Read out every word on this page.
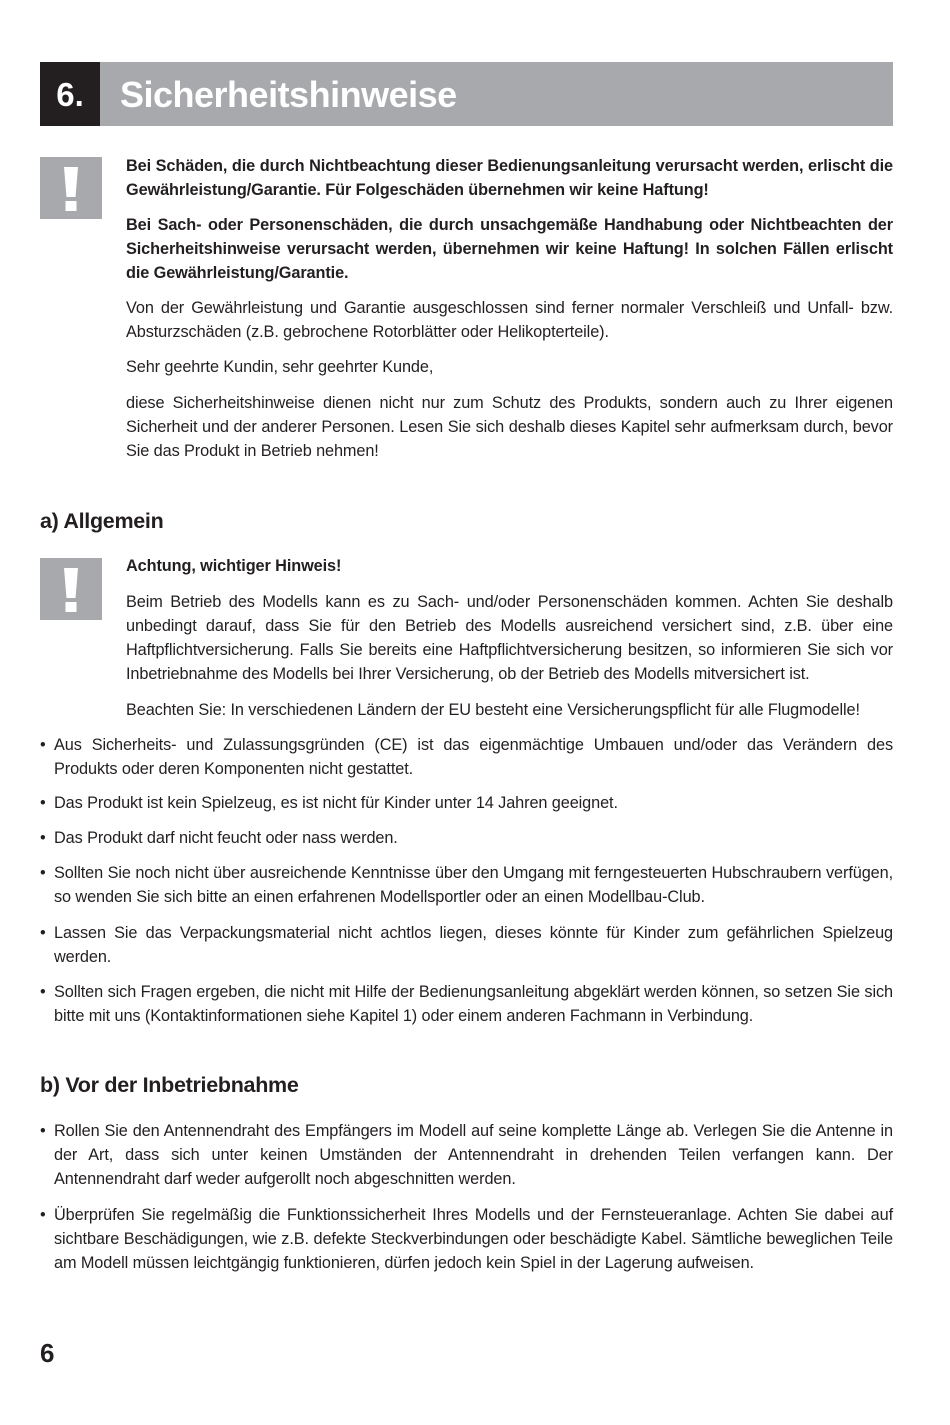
6.	Sicherheitshinweise

Bei Schäden, die durch Nichtbeachtung dieser Bedienungsanleitung verursacht werden, erlischt die Gewährleistung/Garantie. Für Folgeschäden übernehmen wir keine Haftung!

Bei Sach- oder Personenschäden, die durch unsachgemäße Handhabung oder Nichtbeachten der Sicherheitshinweise verursacht werden, übernehmen wir keine Haftung! In solchen Fällen erlischt die Gewährleistung/Garantie.

Von der Gewährleistung und Garantie ausgeschlossen sind ferner normaler Verschleiß und Unfall- bzw. Absturzschäden (z.B. gebrochene Rotorblätter oder Helikopterteile).

Sehr geehrte Kundin, sehr geehrter Kunde,

diese Sicherheitshinweise dienen nicht nur zum Schutz des Produkts, sondern auch zu Ihrer eigenen Sicherheit und der anderer Personen. Lesen Sie sich deshalb dieses Kapitel sehr aufmerksam durch, bevor Sie das Produkt in Betrieb nehmen!

a) Allgemein

Achtung, wichtiger Hinweis!

Beim Betrieb des Modells kann es zu Sach- und/oder Personenschäden kommen. Achten Sie deshalb unbedingt darauf, dass Sie für den Betrieb des Modells ausreichend versichert sind, z.B. über eine Haftpflichtversicherung. Falls Sie bereits eine Haftpflichtversicherung besitzen, so informieren Sie sich vor Inbetriebnahme des Modells bei Ihrer Versicherung, ob der Betrieb des Modells mitversichert ist.

Beachten Sie: In verschiedenen Ländern der EU besteht eine Versicherungspflicht für alle Flugmodelle!

• Aus Sicherheits- und Zulassungsgründen (CE) ist das eigenmächtige Umbauen und/oder das Verändern des Produkts oder deren Komponenten nicht gestattet.
• Das Produkt ist kein Spielzeug, es ist nicht für Kinder unter 14 Jahren geeignet.
• Das Produkt darf nicht feucht oder nass werden.
• Sollten Sie noch nicht über ausreichende Kenntnisse über den Umgang mit ferngesteuerten Hubschraubern verfügen, so wenden Sie sich bitte an einen erfahrenen Modellsportler oder an einen Modellbau-Club.
• Lassen Sie das Verpackungsmaterial nicht achtlos liegen, dieses könnte für Kinder zum gefährlichen Spielzeug werden.
• Sollten sich Fragen ergeben, die nicht mit Hilfe der Bedienungsanleitung abgeklärt werden können, so setzen Sie sich bitte mit uns (Kontaktinformationen siehe Kapitel 1) oder einem anderen Fachmann in Verbindung.
b) Vor der Inbetriebnahme
• Rollen Sie den Antennendraht des Empfängers im Modell auf seine komplette Länge ab. Verlegen Sie die Antenne in der Art, dass sich unter keinen Umständen der Antennendraht in drehenden Teilen verfangen kann. Der Antennendraht darf weder aufgerollt noch abgeschnitten werden.
• Überprüfen Sie regelmäßig die Funktionssicherheit Ihres Modells und der Fernsteueranlage. Achten Sie dabei auf sichtbare Beschädigungen, wie z.B. defekte Steckverbindungen oder beschädigte Kabel. Sämtliche beweglichen Teile am Modell müssen leichtgängig funktionieren, dürfen jedoch kein Spiel in der Lagerung aufweisen.
6
